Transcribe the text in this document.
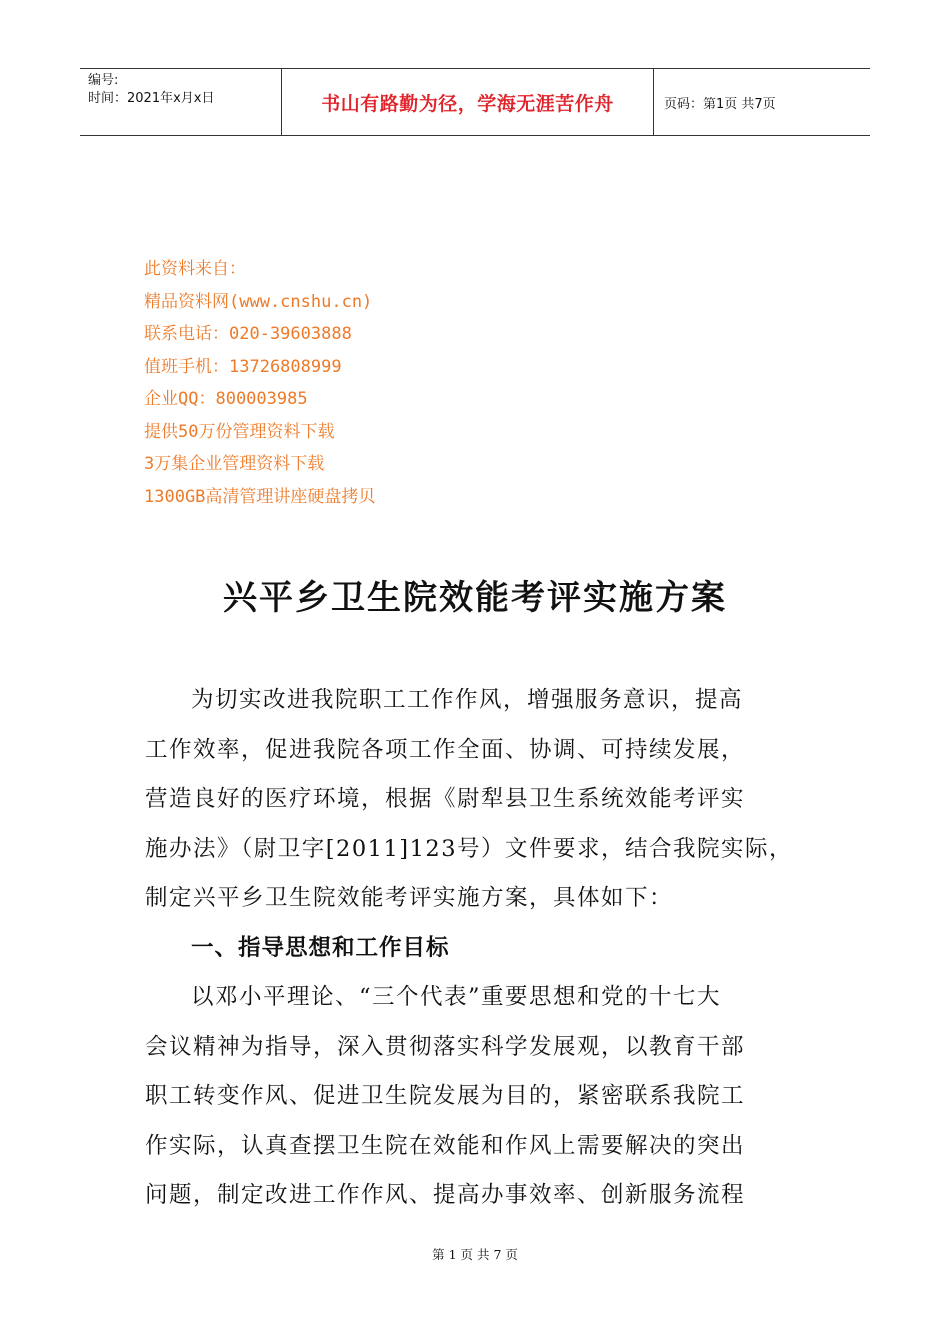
编号:
时间：2021年x月x日	书山有路勤为径，学海无涯苦作舟	页码：第1页 共7页
此资料来自：
精品资料网(www.cnshu.cn)
联系电话：020-39603888
值班手机：13726808999
企业QQ：800003985
提供50万份管理资料下载
3万集企业管理资料下载
1300GB高清管理讲座硬盘拷贝
兴平乡卫生院效能考评实施方案
为切实改进我院职工工作作风，增强服务意识，提高
工作效率，促进我院各项工作全面、协调、可持续发展，
营造良好的医疗环境，根据《尉犁县卫生系统效能考评实
施办法》（尉卫字[2011]123号）文件要求，结合我院实际，
制定兴平乡卫生院效能考评实施方案，具体如下：
一、指导思想和工作目标
以邓小平理论、“三个代表”重要思想和党的十七大
会议精神为指导，深入贯彻落实科学发展观，以教育干部
职工转变作风、促进卫生院发展为目的，紧密联系我院工
作实际，认真查摆卫生院在效能和作风上需要解决的突出
问题，制定改进工作作风、提高办事效率、创新服务流程
第 1 页 共 7 页
